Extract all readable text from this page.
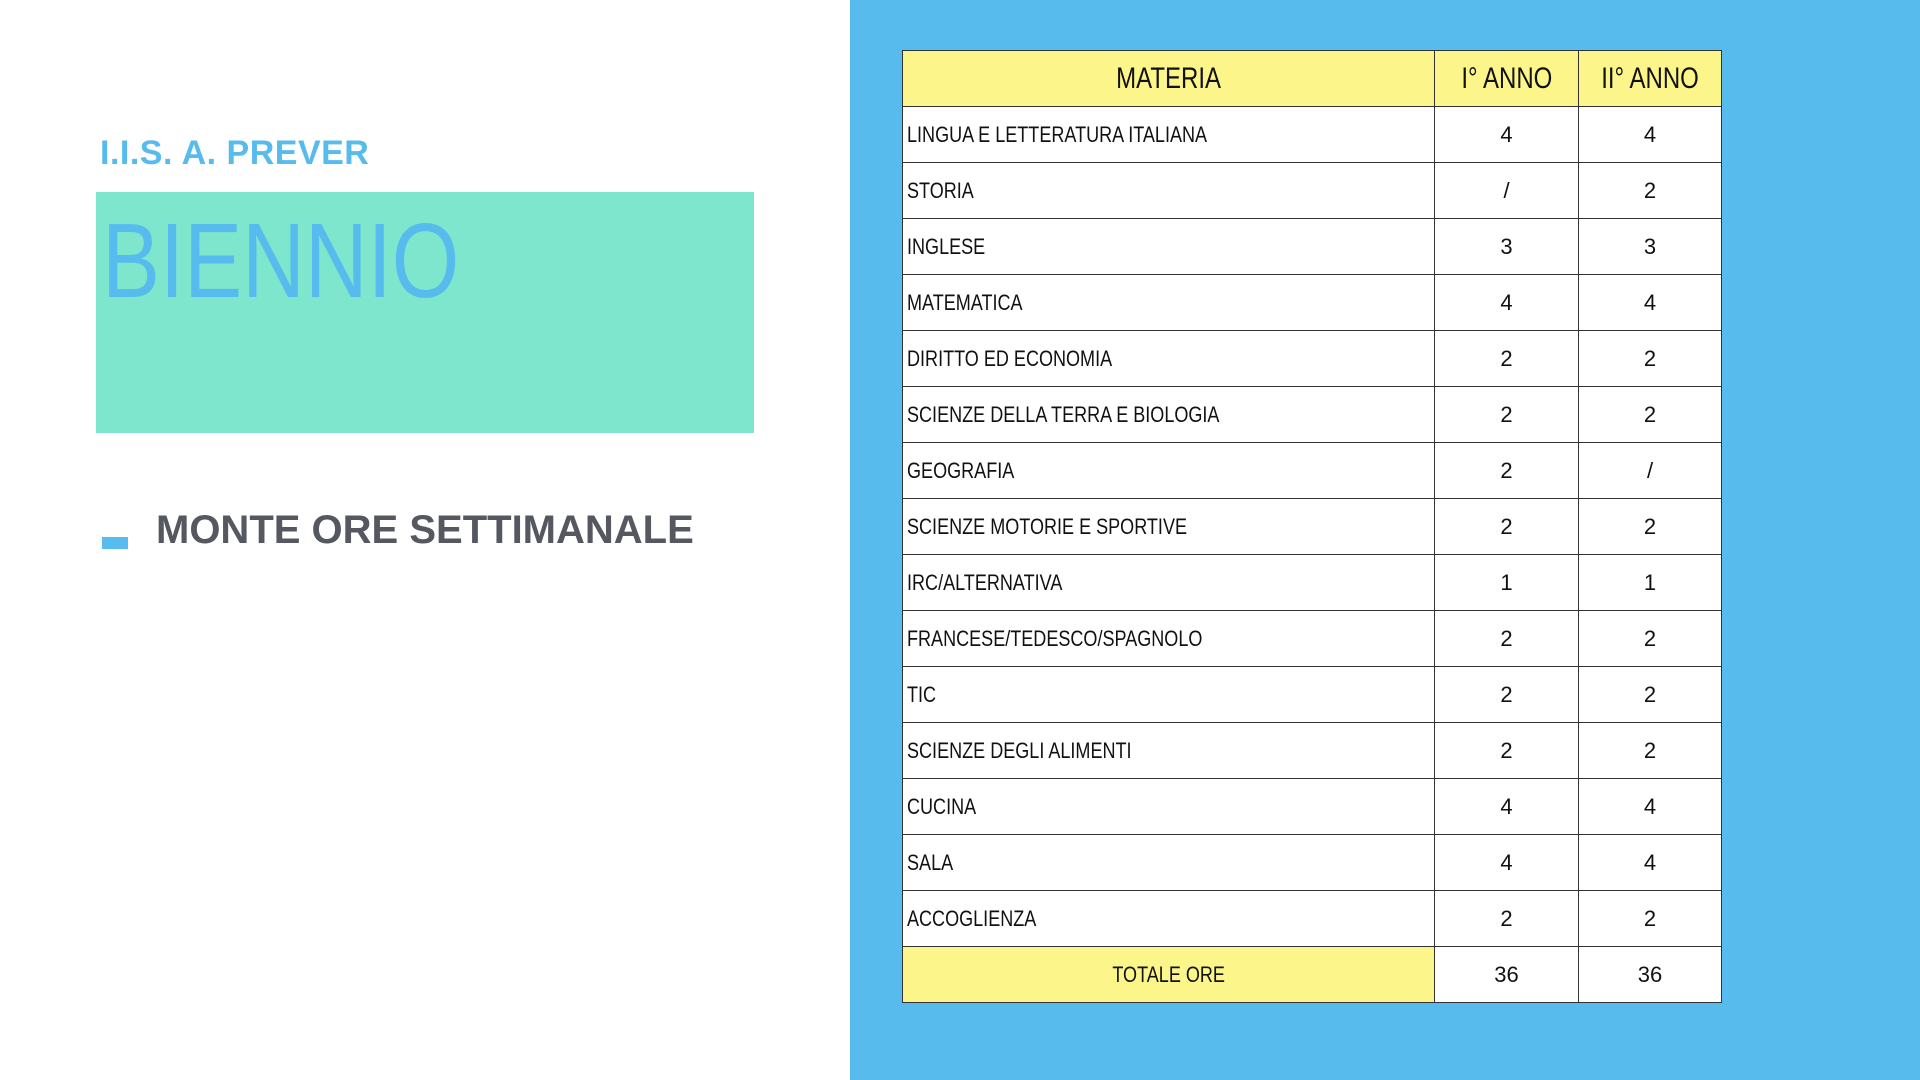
I.I.S. A. PREVER
BIENNIO
MONTE ORE SETTIMANALE
MATERIA	I° ANNO	II° ANNO
LINGUA E LETTERATURA ITALIANA	4	4
STORIA	/	2
INGLESE	3	3
MATEMATICA	4	4
DIRITTO ED ECONOMIA	2	2
SCIENZE DELLA TERRA E BIOLOGIA	2	2
GEOGRAFIA	2	/
SCIENZE MOTORIE E SPORTIVE	2	2
IRC/ALTERNATIVA	1	1
FRANCESE/TEDESCO/SPAGNOLO	2	2
TIC	2	2
SCIENZE DEGLI ALIMENTI	2	2
CUCINA	4	4
SALA	4	4
ACCOGLIENZA	2	2
TOTALE ORE	36	36
